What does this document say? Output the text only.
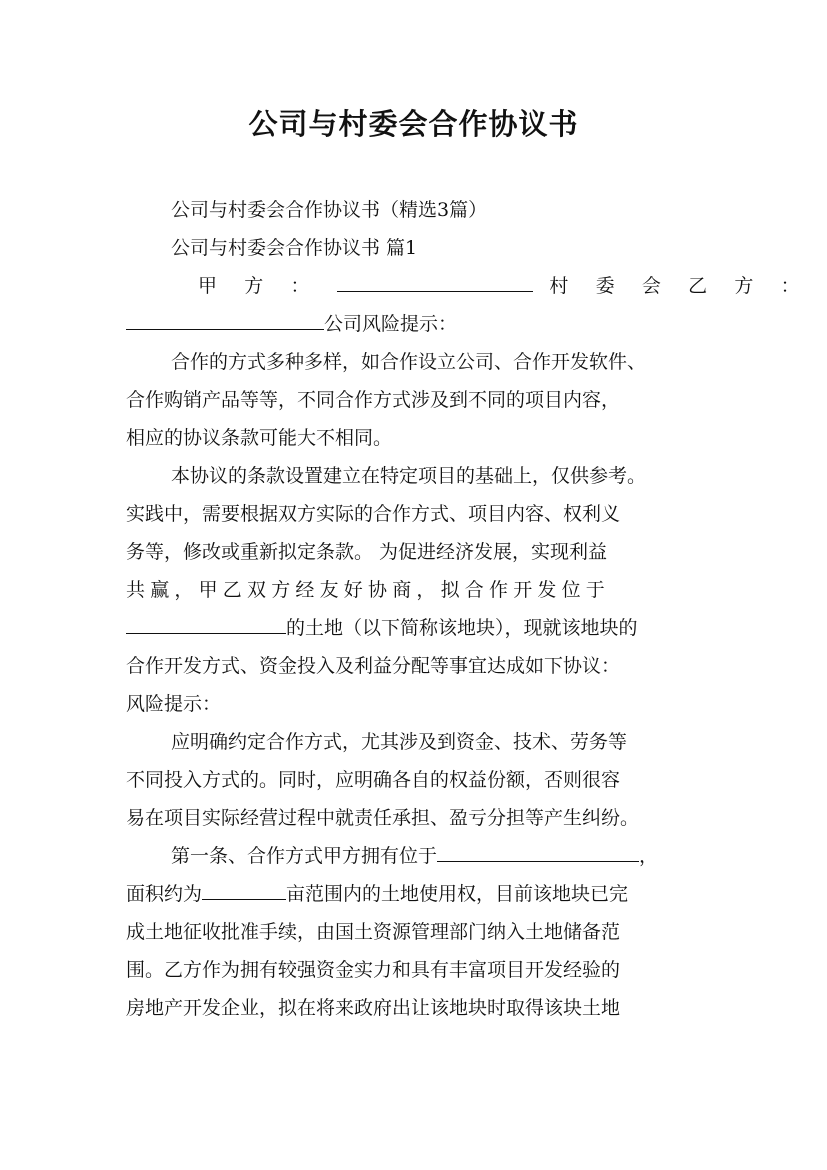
公司与村委会合作协议书
公司与村委会合作协议书（精选3篇）
公司与村委会合作协议书 篇1
甲 方 ：	村 委 会 乙 方 ：
公司风险提示：
合作的方式多种多样，如合作设立公司、合作开发软件、
合作购销产品等等，不同合作方式涉及到不同的项目内容，
相应的协议条款可能大不相同。
本协议的条款设置建立在特定项目的基础上，仅供参考。
实践中，需要根据双方实际的合作方式、项目内容、权利义
务等，修改或重新拟定条款。 为促进经济发展，实现利益
共赢，甲乙双方经友好协商，拟合作开发位于
的土地（以下简称该地块），现就该地块的
合作开发方式、资金投入及利益分配等事宜达成如下协议：
风险提示：
应明确约定合作方式，尤其涉及到资金、技术、劳务等
不同投入方式的。同时，应明确各自的权益份额，否则很容
易在项目实际经营过程中就责任承担、盈亏分担等产生纠纷。
第一条、合作方式甲方拥有位于	，
面积约为	亩范围内的土地使用权，目前该地块已完
成土地征收批准手续，由国土资源管理部门纳入土地储备范
围。乙方作为拥有较强资金实力和具有丰富项目开发经验的
房地产开发企业，拟在将来政府出让该地块时取得该块土地
